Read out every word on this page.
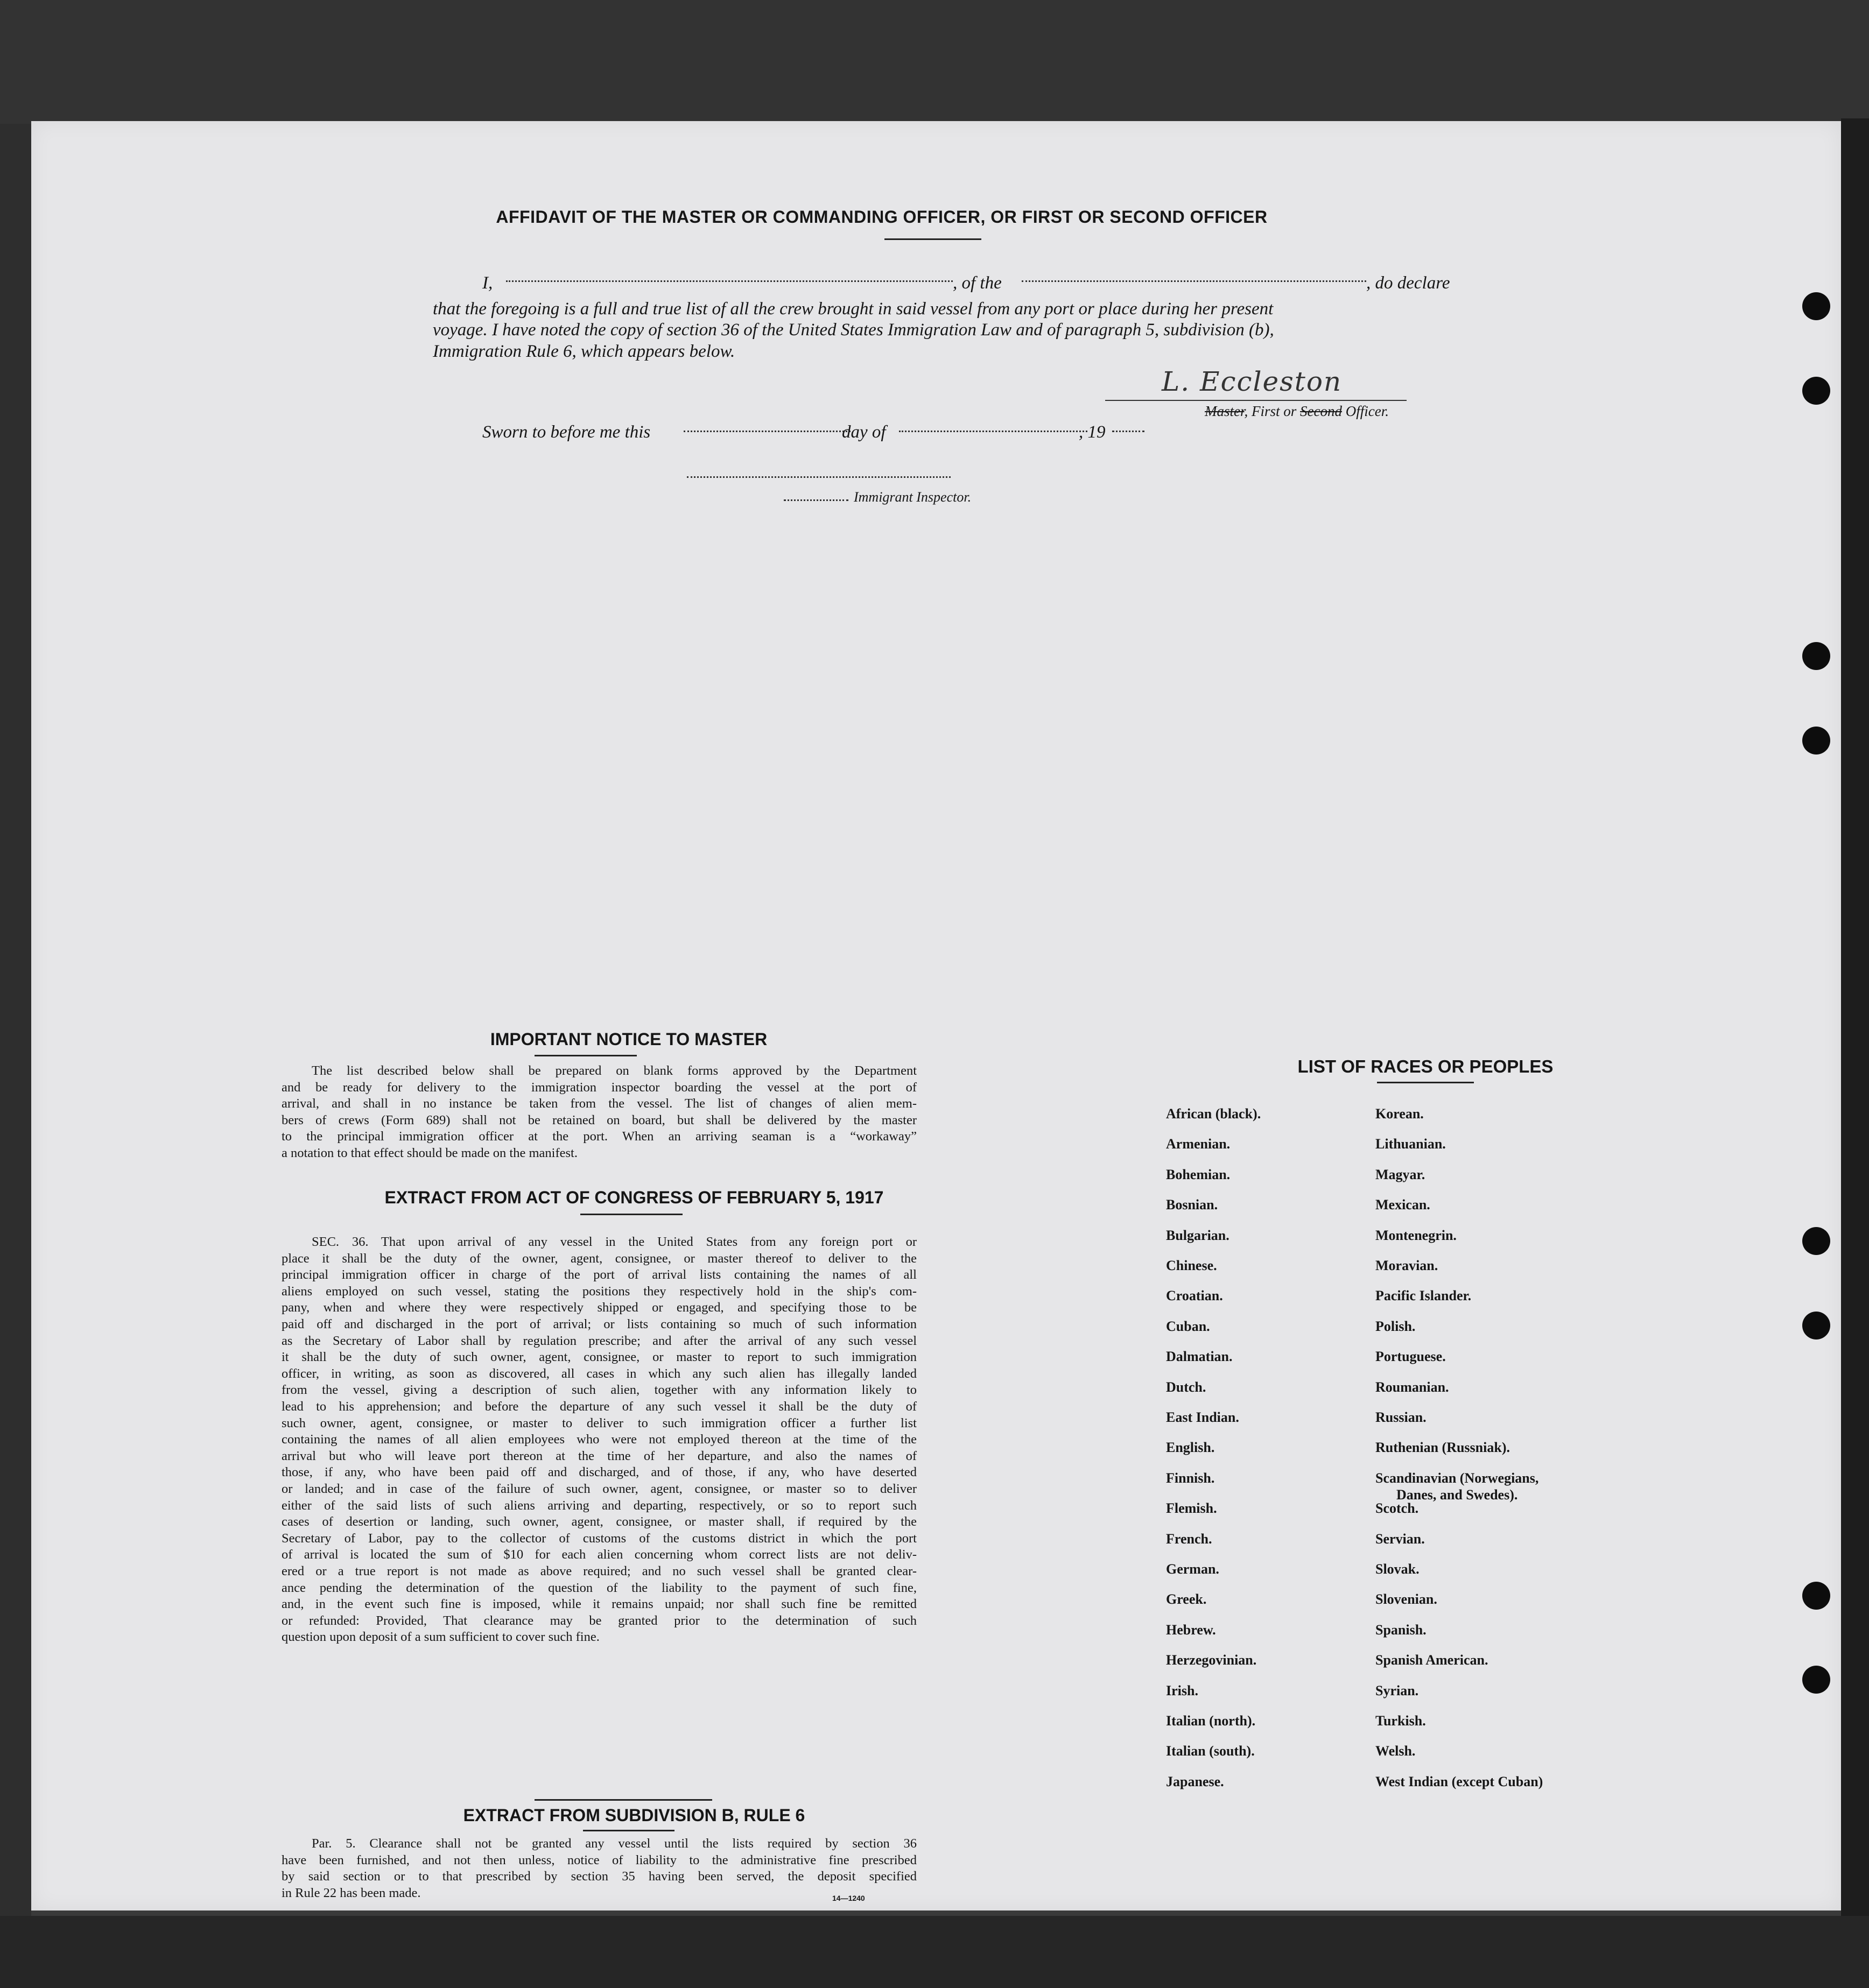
AFFIDAVIT OF THE MASTER OR COMMANDING OFFICER, OR FIRST OR SECOND OFFICER
I,	, of the	, do declare
that the foregoing is a full and true list of all the crew brought in said vessel from any port or place during her present
voyage. I have noted the copy of section 36 of the United States Immigration Law and of paragraph 5, subdivision (b),
Immigration Rule 6, which appears below.
L. Eccleston
Master, First or Second Officer.
Sworn to before me this	day of	, 19
Immigrant Inspector.
IMPORTANT NOTICE TO MASTER
The list described below shall be prepared on blank forms approved by the Department
and be ready for delivery to the immigration inspector boarding the vessel at the port of
arrival, and shall in no instance be taken from the vessel. The list of changes of alien mem-
bers of crews (Form 689) shall not be retained on board, but shall be delivered by the master
to the principal immigration officer at the port. When an arriving seaman is a “workaway”
a notation to that effect should be made on the manifest.
EXTRACT FROM ACT OF CONGRESS OF FEBRUARY 5, 1917
SEC. 36. That upon arrival of any vessel in the United States from any foreign port or
place it shall be the duty of the owner, agent, consignee, or master thereof to deliver to the
principal immigration officer in charge of the port of arrival lists containing the names of all
aliens employed on such vessel, stating the positions they respectively hold in the ship's com-
pany, when and where they were respectively shipped or engaged, and specifying those to be
paid off and discharged in the port of arrival; or lists containing so much of such information
as the Secretary of Labor shall by regulation prescribe; and after the arrival of any such vessel
it shall be the duty of such owner, agent, consignee, or master to report to such immigration
officer, in writing, as soon as discovered, all cases in which any such alien has illegally landed
from the vessel, giving a description of such alien, together with any information likely to
lead to his apprehension; and before the departure of any such vessel it shall be the duty of
such owner, agent, consignee, or master to deliver to such immigration officer a further list
containing the names of all alien employees who were not employed thereon at the time of the
arrival but who will leave port thereon at the time of her departure, and also the names of
those, if any, who have been paid off and discharged, and of those, if any, who have deserted
or landed; and in case of the failure of such owner, agent, consignee, or master so to deliver
either of the said lists of such aliens arriving and departing, respectively, or so to report such
cases of desertion or landing, such owner, agent, consignee, or master shall, if required by the
Secretary of Labor, pay to the collector of customs of the customs district in which the port
of arrival is located the sum of $10 for each alien concerning whom correct lists are not deliv-
ered or a true report is not made as above required; and no such vessel shall be granted clear-
ance pending the determination of the question of the liability to the payment of such fine,
and, in the event such fine is imposed, while it remains unpaid; nor shall such fine be remitted
or refunded: Provided, That clearance may be granted prior to the determination of such
question upon deposit of a sum sufficient to cover such fine.
EXTRACT FROM SUBDIVISION B, RULE 6
Par. 5. Clearance shall not be granted any vessel until the lists required by section 36
have been furnished, and not then unless, notice of liability to the administrative fine prescribed
by said section or to that prescribed by section 35 having been served, the deposit specified
in Rule 22 has been made.	14—1240
LIST OF RACES OR PEOPLES
African (black).
Armenian.
Bohemian.
Bosnian.
Bulgarian.
Chinese.
Croatian.
Cuban.
Dalmatian.
Dutch.
East Indian.
English.
Finnish.
Flemish.
French.
German.
Greek.
Hebrew.
Herzegovinian.
Irish.
Italian (north).
Italian (south).
Japanese.
Korean.
Lithuanian.
Magyar.
Mexican.
Montenegrin.
Moravian.
Pacific Islander.
Polish.
Portuguese.
Roumanian.
Russian.
Ruthenian (Russniak).
Scandinavian (Norwegians,
Scotch.
Servian.
Slovak.
Slovenian.
Spanish.
Spanish American.
Syrian.
Turkish.
Welsh.
West Indian (except Cuban)
Danes, and Swedes).
